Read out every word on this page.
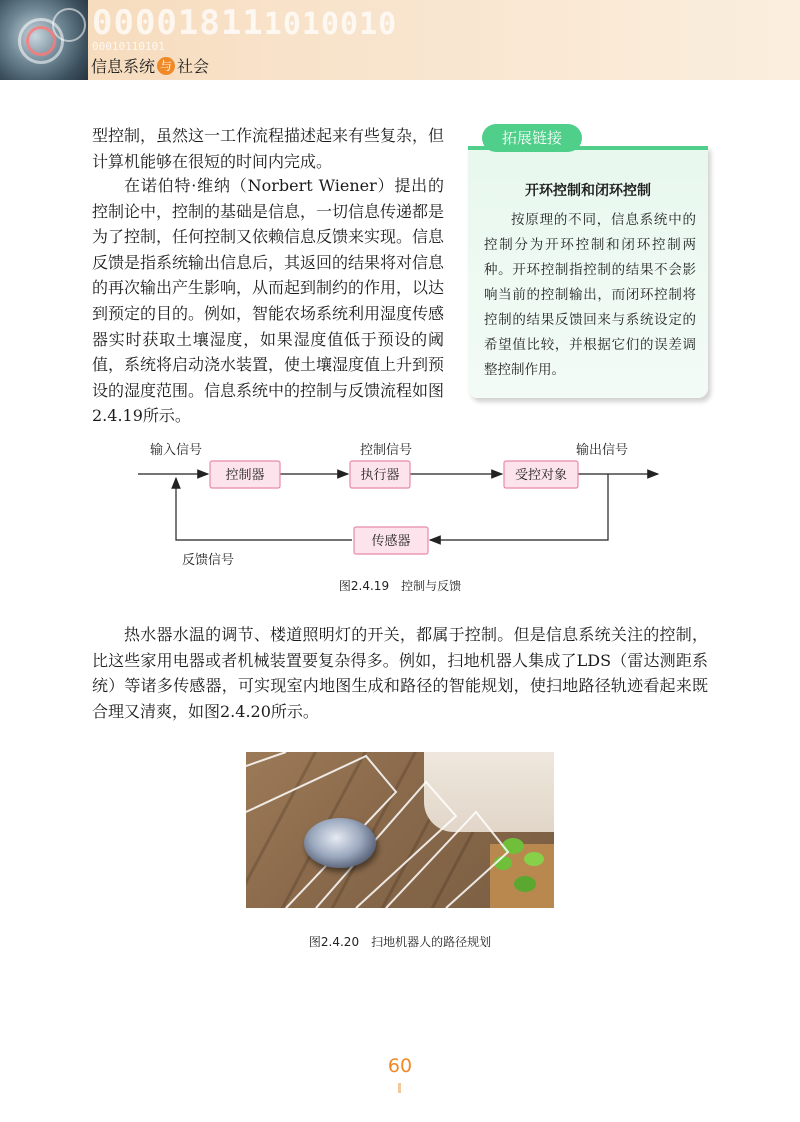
000018111010010
00010110101
信息系统 与 社会

型控制，虽然这一工作流程描述起来有些复杂，但计算机能够在很短的时间内完成。

在诺伯特·维纳（Norbert Wiener）提出的控制论中，控制的基础是信息，一切信息传递都是为了控制，任何控制又依赖信息反馈来实现。信息反馈是指系统输出信息后，其返回的结果将对信息的再次输出产生影响，从而起到制约的作用，以达到预定的目的。例如，智能农场系统利用湿度传感器实时获取土壤湿度，如果湿度值低于预设的阈值，系统将启动浇水装置，使土壤湿度值上升到预设的湿度范围。信息系统中的控制与反馈流程如图2.4.19所示。

拓展链接

开环控制和闭环控制

按原理的不同，信息系统中的控制分为开环控制和闭环控制两种。开环控制指控制的结果不会影响当前的控制输出，而闭环控制将控制的结果反馈回来与系统设定的希望值比较，并根据它们的误差调整控制作用。

输入信号	控制信号	输出信号
反馈信号
控制器	执行器	受控对象
传感器

图2.4.19　控制与反馈

热水器水温的调节、楼道照明灯的开关，都属于控制。但是信息系统关注的控制，比这些家用电器或者机械装置要复杂得多。例如，扫地机器人集成了LDS（雷达测距系统）等诸多传感器，可实现室内地图生成和路径的智能规划，使扫地路径轨迹看起来既合理又清爽，如图2.4.20所示。

图2.4.20　扫地机器人的路径规划

60
